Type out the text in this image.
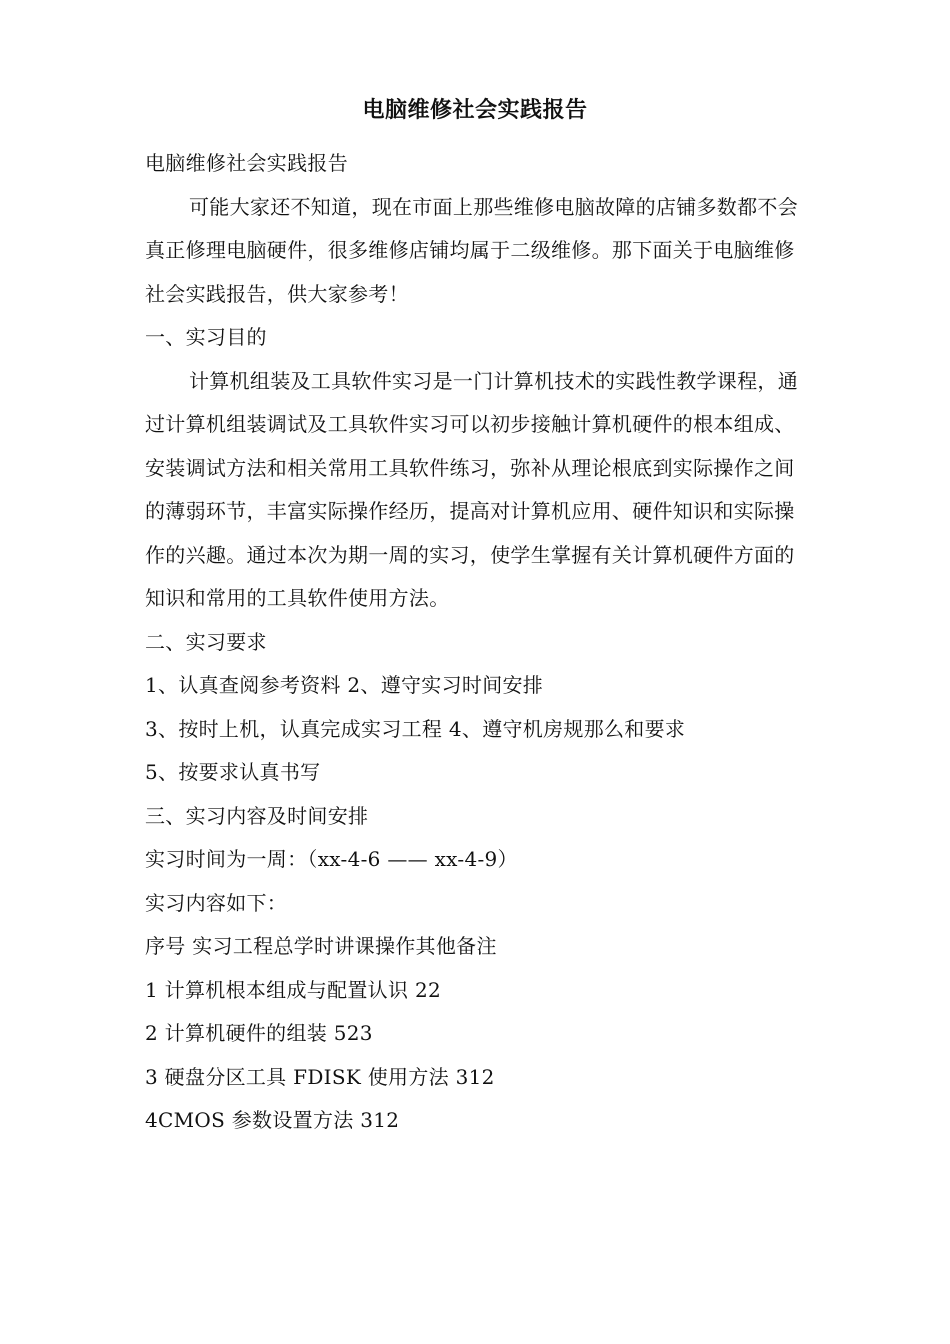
电脑维修社会实践报告

电脑维修社会实践报告

可能大家还不知道，现在市面上那些维修电脑故障的店铺多数都不会真正修理电脑硬件，很多维修店铺均属于二级维修。那下面关于电脑维修社会实践报告，供大家参考！

一、实习目的

计算机组装及工具软件实习是一门计算机技术的实践性教学课程，通过计算机组装调试及工具软件实习可以初步接触计算机硬件的根本组成、安装调试方法和相关常用工具软件练习，弥补从理论根底到实际操作之间的薄弱环节，丰富实际操作经历，提高对计算机应用、硬件知识和实际操作的兴趣。通过本次为期一周的实习，使学生掌握有关计算机硬件方面的知识和常用的工具软件使用方法。

二、实习要求

1、认真查阅参考资料 2、遵守实习时间安排

3、按时上机，认真完成实习工程 4、遵守机房规那么和要求

5、按要求认真书写

三、实习内容及时间安排

实习时间为一周：（xx-4-6 —— xx-4-9）

实习内容如下：

序号 实习工程总学时讲课操作其他备注

1 计算机根本组成与配置认识 22

2 计算机硬件的组装 523

3 硬盘分区工具 FDISK 使用方法 312

4CMOS 参数设置方法 312
